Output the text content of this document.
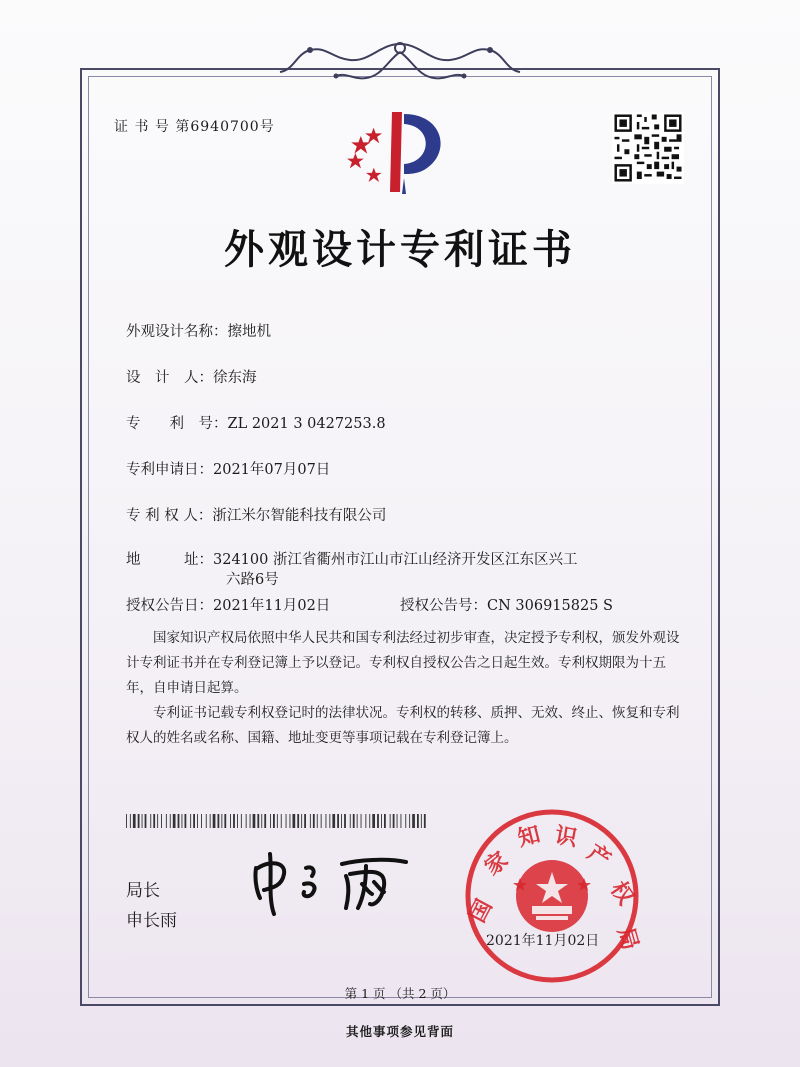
证 书 号 第6940700号
外观设计专利证书
外观设计名称：擦地机
设　计　人：徐东海
专　　利　号：ZL 2021 3 0427253.8
专利申请日：2021年07月07日
专 利 权 人：浙江米尔智能科技有限公司
地　　　址：324100 浙江省衢州市江山市江山经济开发区江东区兴工
六路6号
授权公告日：2021年11月02日	授权公告号：CN 306915825 S

国家知识产权局依照中华人民共和国专利法经过初步审查，决定授予专利权，颁发外观设计专利证书并在专利登记簿上予以登记。专利权自授权公告之日起生效。专利权期限为十五年，自申请日起算。

专利证书记载专利权登记时的法律状况。专利权的转移、质押、无效、终止、恢复和专利权人的姓名或名称、国籍、地址变更等事项记载在专利登记簿上。

局长
申长雨	国
家
知 识
产
权
局
2021年11月02日
第 1 页 （共 2 页）
其他事项参见背面
